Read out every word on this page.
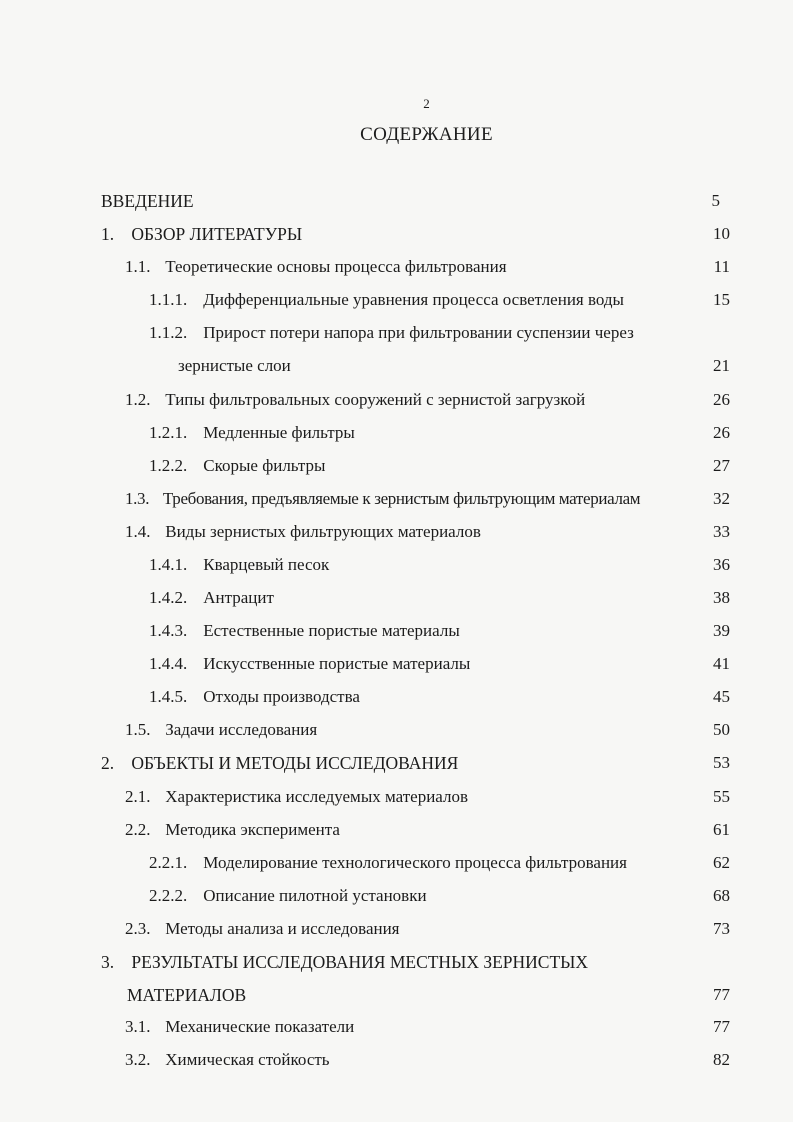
2
СОДЕРЖАНИЕ
ВВЕДЕНИЕ	5
1. ОБЗОР ЛИТЕРАТУРЫ	10
1.1. Теоретические основы процесса фильтрования	11
1.1.1. Дифференциальные уравнения процесса осветления воды	15
1.1.2. Прирост потери напора при фильтровании суспензии через
зернистые слои	21
1.2. Типы фильтровальных сооружений с зернистой загрузкой	26
1.2.1. Медленные фильтры	26
1.2.2. Скорые фильтры	27
1.3. Требования, предъявляемые к зернистым фильтрующим материалам	32
1.4. Виды зернистых фильтрующих материалов	33
1.4.1. Кварцевый песок	36
1.4.2. Антрацит	38
1.4.3. Естественные пористые материалы	39
1.4.4. Искусственные пористые материалы	41
1.4.5. Отходы производства	45
1.5. Задачи исследования	50
2. ОБЪЕКТЫ И МЕТОДЫ ИССЛЕДОВАНИЯ	53
2.1. Характеристика исследуемых материалов	55
2.2. Методика эксперимента	61
2.2.1. Моделирование технологического процесса фильтрования	62
2.2.2. Описание пилотной установки	68
2.3. Методы анализа и исследования	73
3. РЕЗУЛЬТАТЫ ИССЛЕДОВАНИЯ МЕСТНЫХ ЗЕРНИСТЫХ
МАТЕРИАЛОВ	77
3.1. Механические показатели	77
3.2. Химическая стойкость	82
